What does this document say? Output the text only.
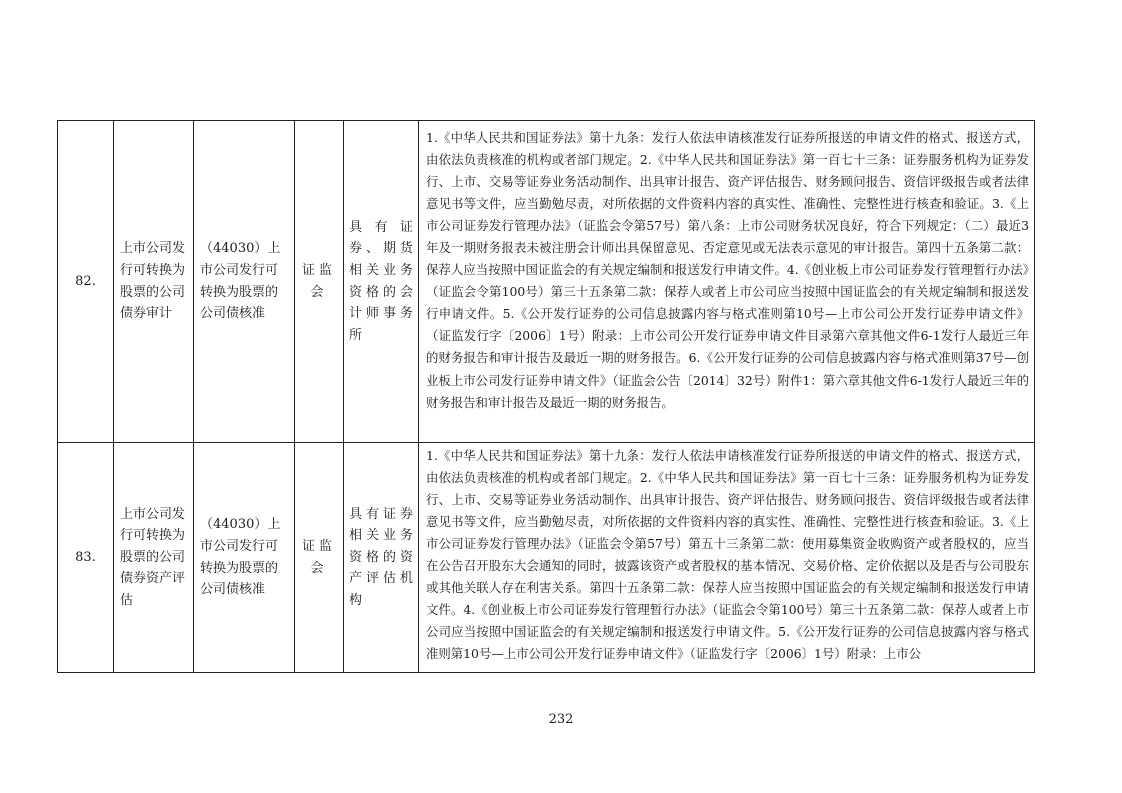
82.	上市公司发行可转换为股票的公司债券审计	（44030）上市公司发行可转换为股票的公司债核准	证监会	具有证券、期货相关业务资格的会计师事务所	1.《中华人民共和国证券法》第十九条：发行人依法申请核准发行证券所报送的申请文件的格式、报送方式，由依法负责核准的机构或者部门规定。2.《中华人民共和国证券法》第一百七十三条：证券服务机构为证券发行、上市、交易等证券业务活动制作、出具审计报告、资产评估报告、财务顾问报告、资信评级报告或者法律意见书等文件，应当勤勉尽责，对所依据的文件资料内容的真实性、准确性、完整性进行核查和验证。3.《上市公司证券发行管理办法》（证监会令第57号）第八条：上市公司财务状况良好，符合下列规定：（二）最近3年及一期财务报表未被注册会计师出具保留意见、否定意见或无法表示意见的审计报告。第四十五条第二款：保荐人应当按照中国证监会的有关规定编制和报送发行申请文件。4.《创业板上市公司证券发行管理暂行办法》（证监会令第100号）第三十五条第二款：保荐人或者上市公司应当按照中国证监会的有关规定编制和报送发行申请文件。5.《公开发行证券的公司信息披露内容与格式准则第10号—上市公司公开发行证券申请文件》（证监发行字〔2006〕1号）附录：上市公司公开发行证券申请文件目录第六章其他文件6-1发行人最近三年的财务报告和审计报告及最近一期的财务报告。6.《公开发行证券的公司信息披露内容与格式准则第37号—创业板上市公司发行证券申请文件》（证监会公告〔2014〕32号）附件1：第六章其他文件6-1发行人最近三年的财务报告和审计报告及最近一期的财务报告。
83.	上市公司发行可转换为股票的公司债券资产评估	（44030）上市公司发行可转换为股票的公司债核准	证监会	具有证券相关业务资格的资产评估机构	1.《中华人民共和国证券法》第十九条：发行人依法申请核准发行证券所报送的申请文件的格式、报送方式，由依法负责核准的机构或者部门规定。2.《中华人民共和国证券法》第一百七十三条：证券服务机构为证券发行、上市、交易等证券业务活动制作、出具审计报告、资产评估报告、财务顾问报告、资信评级报告或者法律意见书等文件，应当勤勉尽责，对所依据的文件资料内容的真实性、准确性、完整性进行核查和验证。3.《上市公司证券发行管理办法》（证监会令第57号）第五十三条第二款：使用募集资金收购资产或者股权的，应当在公告召开股东大会通知的同时，披露该资产或者股权的基本情况、交易价格、定价依据以及是否与公司股东或其他关联人存在利害关系。第四十五条第二款：保荐人应当按照中国证监会的有关规定编制和报送发行申请文件。4.《创业板上市公司证券发行管理暂行办法》（证监会令第100号）第三十五条第二款：保荐人或者上市公司应当按照中国证监会的有关规定编制和报送发行申请文件。5.《公开发行证券的公司信息披露内容与格式准则第10号—上市公司公开发行证券申请文件》（证监发行字〔2006〕1号）附录：上市公
232
